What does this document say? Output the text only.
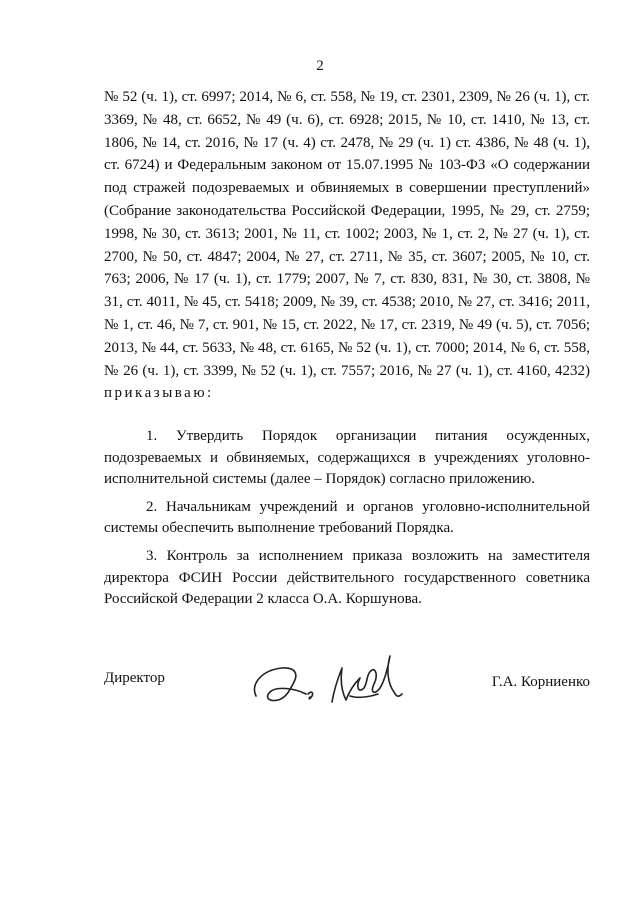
2

№ 52 (ч. 1), ст. 6997; 2014, № 6, ст. 558, № 19, ст. 2301, 2309, № 26 (ч. 1), ст. 3369, № 48, ст. 6652, № 49 (ч. 6), ст. 6928; 2015, № 10, ст. 1410, № 13, ст. 1806, № 14, ст. 2016, № 17 (ч. 4) ст. 2478, № 29 (ч. 1) ст. 4386, № 48 (ч. 1), ст. 6724) и Федеральным законом от 15.07.1995 № 103-ФЗ «О содержании под стражей подозреваемых и обвиняемых в совершении преступлений» (Собрание законодательства Российской Федерации, 1995, № 29, ст. 2759; 1998, № 30, ст. 3613; 2001, № 11, ст. 1002; 2003, № 1, ст. 2, № 27 (ч. 1), ст. 2700, № 50, ст. 4847; 2004, № 27, ст. 2711, № 35, ст. 3607; 2005, № 10, ст. 763; 2006, № 17 (ч. 1), ст. 1779; 2007, № 7, ст. 830, 831, № 30, ст. 3808, № 31, ст. 4011, № 45, ст. 5418; 2009, № 39, ст. 4538; 2010, № 27, ст. 3416; 2011, № 1, ст. 46, № 7, ст. 901, № 15, ст. 2022, № 17, ст. 2319, № 49 (ч. 5), ст. 7056; 2013, № 44, ст. 5633, № 48, ст. 6165, № 52 (ч. 1), ст. 7000; 2014, № 6, ст. 558, № 26 (ч. 1), ст. 3399, № 52 (ч. 1), ст. 7557; 2016, № 27 (ч. 1), ст. 4160, 4232) приказываю:

1. Утвердить Порядок организации питания осужденных, подозреваемых и обвиняемых, содержащихся в учреждениях уголовно-исполнительной системы (далее – Порядок) согласно приложению.

2. Начальникам учреждений и органов уголовно-исполнительной системы обеспечить выполнение требований Порядка.

3. Контроль за исполнением приказа возложить на заместителя директора ФСИН России действительного государственного советника Российской Федерации 2 класса О.А. Коршунова.

Директор	Г.А. Корниенко
